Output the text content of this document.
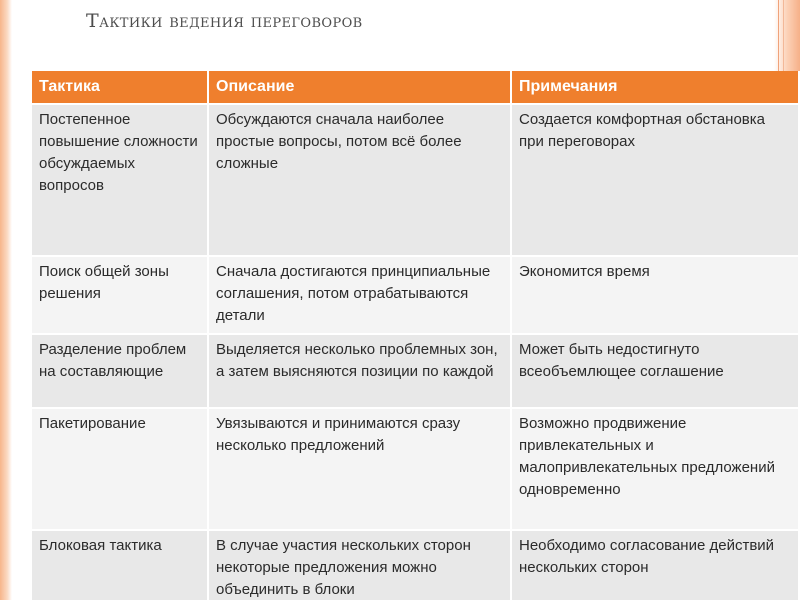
Тактики ведения переговоров
Тактика	Описание	Примечания
Постепенное повышение сложности обсуждаемых вопросов	Обсуждаются сначала наиболее простые вопросы, потом всё более сложные	Создается комфортная обстановка при переговорах
Поиск общей зоны решения	Сначала достигаются принципиальные соглашения, потом отрабатываются детали	Экономится время
Разделение проблем на составляющие	Выделяется несколько проблемных зон, а затем выясняются позиции по каждой	Может быть недостигнуто всеобъемлющее соглашение
Пакетирование	Увязываются и принимаются сразу несколько предложений	Возможно продвижение привлекательных и малопривлекательных предложений одновременно
Блоковая тактика	В случае участия нескольких сторон некоторые предложения можно объединить в блоки	Необходимо согласование действий нескольких сторон
